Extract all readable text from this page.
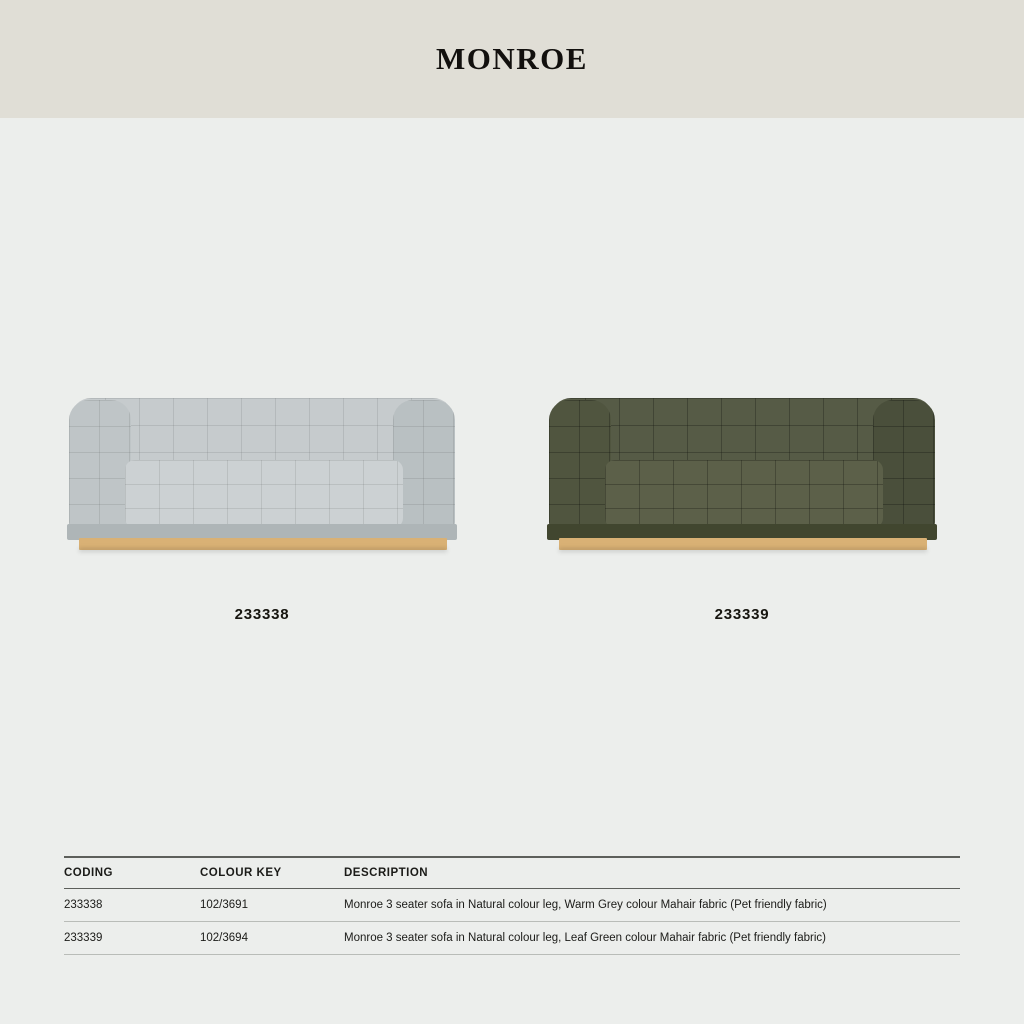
MONROE
233338	233339
CODING	COLOUR KEY	DESCRIPTION
233338	102/3691	Monroe 3 seater sofa in Natural colour leg, Warm Grey colour Mahair fabric (Pet friendly fabric)
233339	102/3694	Monroe 3 seater sofa in Natural colour leg, Leaf Green colour Mahair fabric (Pet friendly fabric)
